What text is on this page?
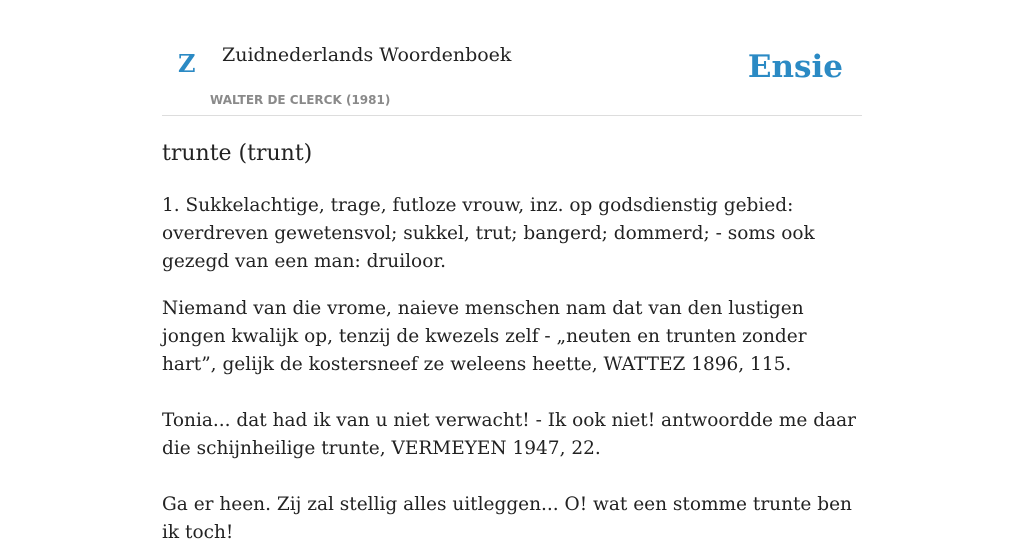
Z Zuidnederlands Woordenboek
WALTER DE CLERCK (1981)
Ensie
trunte (trunt)

1. Sukkelachtige, trage, futloze vrouw, inz. op godsdienstig gebied: overdreven gewetensvol; sukkel, trut; bangerd; dommerd; - soms ook gezegd van een man: druiloor.

Niemand van die vrome, naieve menschen nam dat van den lustigen jongen kwalijk op, tenzij de kwezels zelf - „neuten en trunten zonder hart”, gelijk de kostersneef ze weleens heette, WATTEZ 1896, 115.

Tonia... dat had ik van u niet verwacht! - Ik ook niet! antwoordde me daar die schijnheilige trunte, VERMEYEN 1947, 22.

Ga er heen. Zij zal stellig alles uitleggen... O! wat een stomme trunte ben ik toch!
